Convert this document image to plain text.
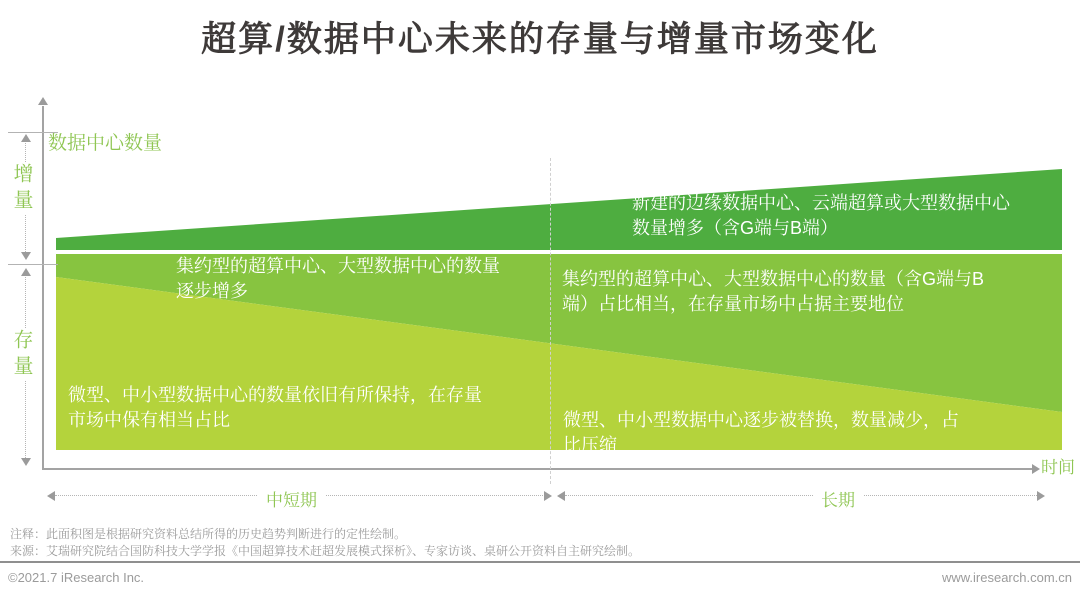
超算/数据中心未来的存量与增量市场变化
数据中心数量
时间
增量
存量
中短期	长期
新建的边缘数据中心、云端超算或大型数据中心
数量增多（含G端与B端）
集约型的超算中心、大型数据中心的数量
逐步增多
集约型的超算中心、大型数据中心的数量（含G端与B
端）占比相当，在存量市场中占据主要地位
微型、中小型数据中心的数量依旧有所保持，在存量
市场中保有相当占比	微型、中小型数据中心逐步被替换，数量减少，占
比压缩
注释：此面积图是根据研究资料总结所得的历史趋势判断进行的定性绘制。
来源：艾瑞研究院结合国防科技大学学报《中国超算技术赶超发展模式探析》、专家访谈、桌研公开资料自主研究绘制。
©2021.7 iResearch Inc.	www.iresearch.com.cn
